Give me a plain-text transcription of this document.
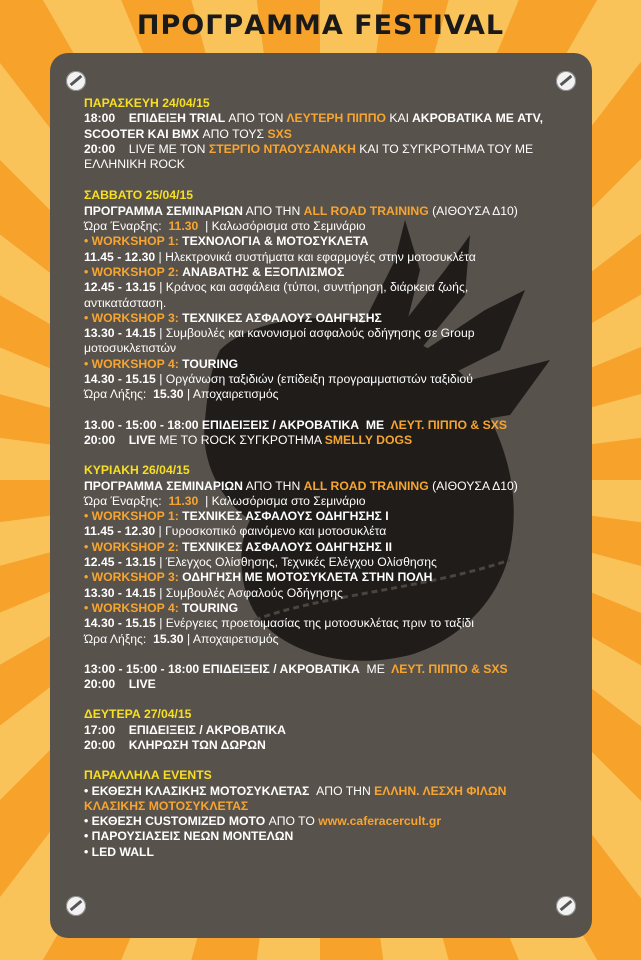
ΠΡΟΓΡΑΜΜΑ FESTIVAL
ΠΑΡΑΣΚΕΥΗ 24/04/15
18:00 ΕΠΙΔΕΙΞΗ TRIAL ΑΠΟ ΤΟΝ ΛΕΥΤΕΡΗ ΠΙΠΠΟ ΚΑΙ ΑΚΡΟΒΑΤΙΚΑ ΜΕ ATV,
SCOOTER ΚΑΙ BMX ΑΠΟ ΤΟΥΣ SXS
20:00 LIVE ΜΕ ΤΟΝ ΣΤΕΡΓΙΟ ΝΤΑΟΥΣΑΝΑΚΗ ΚΑΙ ΤΟ ΣΥΓΚΡΟΤΗΜΑ ΤΟΥ ΜΕ
ΕΛΛΗΝΙΚΗ ROCK
ΣΑΒΒΑΤΟ 25/04/15
ΠΡΟΓΡΑΜΜΑ ΣΕΜΙΝΑΡΙΩΝ ΑΠΟ ΤΗΝ ALL ROAD TRAINING (ΑΙΘΟΥΣΑ Δ10)
Ώρα Έναρξης: 11.30 | Καλωσόρισμα στο Σεμινάριο
• WORKSHOP 1: ΤΕΧΝΟΛΟΓΙΑ & ΜΟΤΟΣΥΚΛΕΤΑ
11.45 - 12.30 | Ηλεκτρονικά συστήματα και εφαρμογές στην μοτοσυκλέτα
• WORKSHOP 2: ΑΝΑΒΑΤΗΣ & ΕΞΟΠΛΙΣΜΟΣ
12.45 - 13.15 | Κράνος και ασφάλεια (τύποι, συντήρηση, διάρκεια ζωής,
αντικατάσταση.
• WORKSHOP 3: ΤΕΧΝΙΚΕΣ ΑΣΦΑΛΟΥΣ ΟΔΗΓΗΣΗΣ
13.30 - 14.15 | Συμβουλές και κανονισμοί ασφαλούς οδήγησης σε Group
μοτοσυκλετιστών
• WORKSHOP 4: TOURING
14.30 - 15.15 | Οργάνωση ταξιδιών (επίδειξη προγραμματιστών ταξιδιού
Ώρα Λήξης: 15.30 | Αποχαιρετισμός
13.00 - 15:00 - 18:00 ΕΠΙΔΕΙΞΕΙΣ / ΑΚΡΟΒΑΤΙΚΑ ΜΕ ΛΕΥΤ. ΠΙΠΠΟ & SXS
20:00 LIVE ΜΕ ΤΟ ROCK ΣΥΓΚΡΟΤΗΜΑ SMELLY DOGS
ΚΥΡΙΑΚΗ 26/04/15
ΠΡΟΓΡΑΜΜΑ ΣΕΜΙΝΑΡΙΩΝ ΑΠΟ ΤΗΝ ALL ROAD TRAINING (ΑΙΘΟΥΣΑ Δ10)
Ώρα Έναρξης: 11.30 | Καλωσόρισμα στο Σεμινάριο
• WORKSHOP 1: ΤΕΧΝΙΚΕΣ ΑΣΦΑΛΟΥΣ ΟΔΗΓΗΣΗΣ Ι
11.45 - 12.30 | Γυροσκοπικό φαινόμενο και μοτοσυκλέτα
• WORKSHOP 2: ΤΕΧΝΙΚΕΣ ΑΣΦΑΛΟΥΣ ΟΔΗΓΗΣΗΣ ΙΙ
12.45 - 13.15 | Έλεγχος Ολίσθησης, Τεχνικές Ελέγχου Ολίσθησης
• WORKSHOP 3: ΟΔΗΓΗΣΗ ΜΕ ΜΟΤΟΣΥΚΛΕΤΑ ΣΤΗΝ ΠΟΛΗ
13.30 - 14.15 | Συμβουλές Ασφαλούς Οδήγησης
• WORKSHOP 4: TOURING
14.30 - 15.15 | Ενέργειες προετοιμασίας της μοτοσυκλέτας πριν το ταξίδι
Ώρα Λήξης: 15.30 | Αποχαιρετισμός
13:00 - 15:00 - 18:00 ΕΠΙΔΕΙΞΕΙΣ / ΑΚΡΟΒΑΤΙΚΑ ΜΕ ΛΕΥΤ. ΠΙΠΠΟ & SXS
20:00 LIVE
ΔΕΥΤΕΡΑ 27/04/15
17:00 ΕΠΙΔΕΙΞΕΙΣ / ΑΚΡΟΒΑΤΙΚΑ
20:00 ΚΛΗΡΩΣΗ ΤΩΝ ΔΩΡΩΝ
ΠΑΡΑΛΛΗΛΑ EVENTS
• ΕΚΘΕΣΗ ΚΛΑΣΙΚΗΣ ΜΟΤΟΣΥΚΛΕΤΑΣ ΑΠΟ ΤΗΝ ΕΛΛΗΝ. ΛΕΣΧΗ ΦΙΛΩΝ
ΚΛΑΣΙΚΗΣ ΜΟΤΟΣΥΚΛΕΤΑΣ
• ΕΚΘΕΣΗ CUSTOMIZED MOTO ΑΠΟ ΤΟ www.caferacercult.gr
• ΠΑΡΟΥΣΙΑΣΕΙΣ ΝΕΩΝ ΜΟΝΤΕΛΩΝ
• LED WALL
